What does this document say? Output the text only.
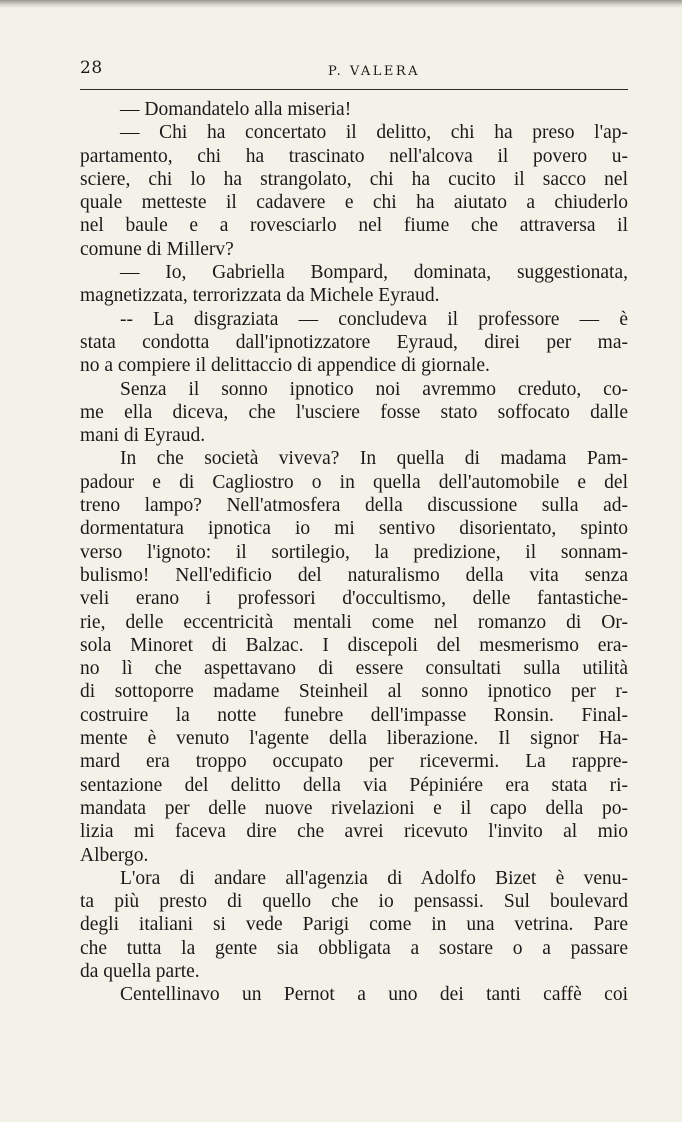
28	P. VALERA
— Domandatelo alla miseria!
— Chi ha concertato il delitto, chi ha preso l'ap-
partamento, chi ha trascinato nell'alcova il povero u-
sciere, chi lo ha strangolato, chi ha cucito il sacco nel
quale metteste il cadavere e chi ha aiutato a chiuderlo
nel baule e a rovesciarlo nel fiume che attraversa il
comune di Millerv?
— Io, Gabriella Bompard, dominata, suggestionata,
magnetizzata, terrorizzata da Michele Eyraud.
-- La disgraziata — concludeva il professore — è
stata condotta dall'ipnotizzatore Eyraud, direi per ma-
no a compiere il delittaccio di appendice di giornale.
Senza il sonno ipnotico noi avremmo creduto, co-
me ella diceva, che l'usciere fosse stato soffocato dalle
mani di Eyraud.
In che società viveva? In quella di madama Pam-
padour e di Cagliostro o in quella dell'automobile e del
treno lampo? Nell'atmosfera della discussione sulla ad-
dormentatura ipnotica io mi sentivo disorientato, spinto
verso l'ignoto: il sortilegio, la predizione, il sonnam-
bulismo! Nell'edificio del naturalismo della vita senza
veli erano i professori d'occultismo, delle fantastiche-
rie, delle eccentricità mentali come nel romanzo di Or-
sola Minoret di Balzac. I discepoli del mesmerismo era-
no lì che aspettavano di essere consultati sulla utilità
di sottoporre madame Steinheil al sonno ipnotico per r-
costruire la notte funebre dell'impasse Ronsin. Final-
mente è venuto l'agente della liberazione. Il signor Ha-
mard era troppo occupato per ricevermi. La rappre-
sentazione del delitto della via Pépiniére era stata ri-
mandata per delle nuove rivelazioni e il capo della po-
lizia mi faceva dire che avrei ricevuto l'invito al mio
Albergo.
L'ora di andare all'agenzia di Adolfo Bizet è venu-
ta più presto di quello che io pensassi. Sul boulevard
degli italiani si vede Parigi come in una vetrina. Pare
che tutta la gente sia obbligata a sostare o a passare
da quella parte.
Centellinavo un Pernot a uno dei tanti caffè coi
